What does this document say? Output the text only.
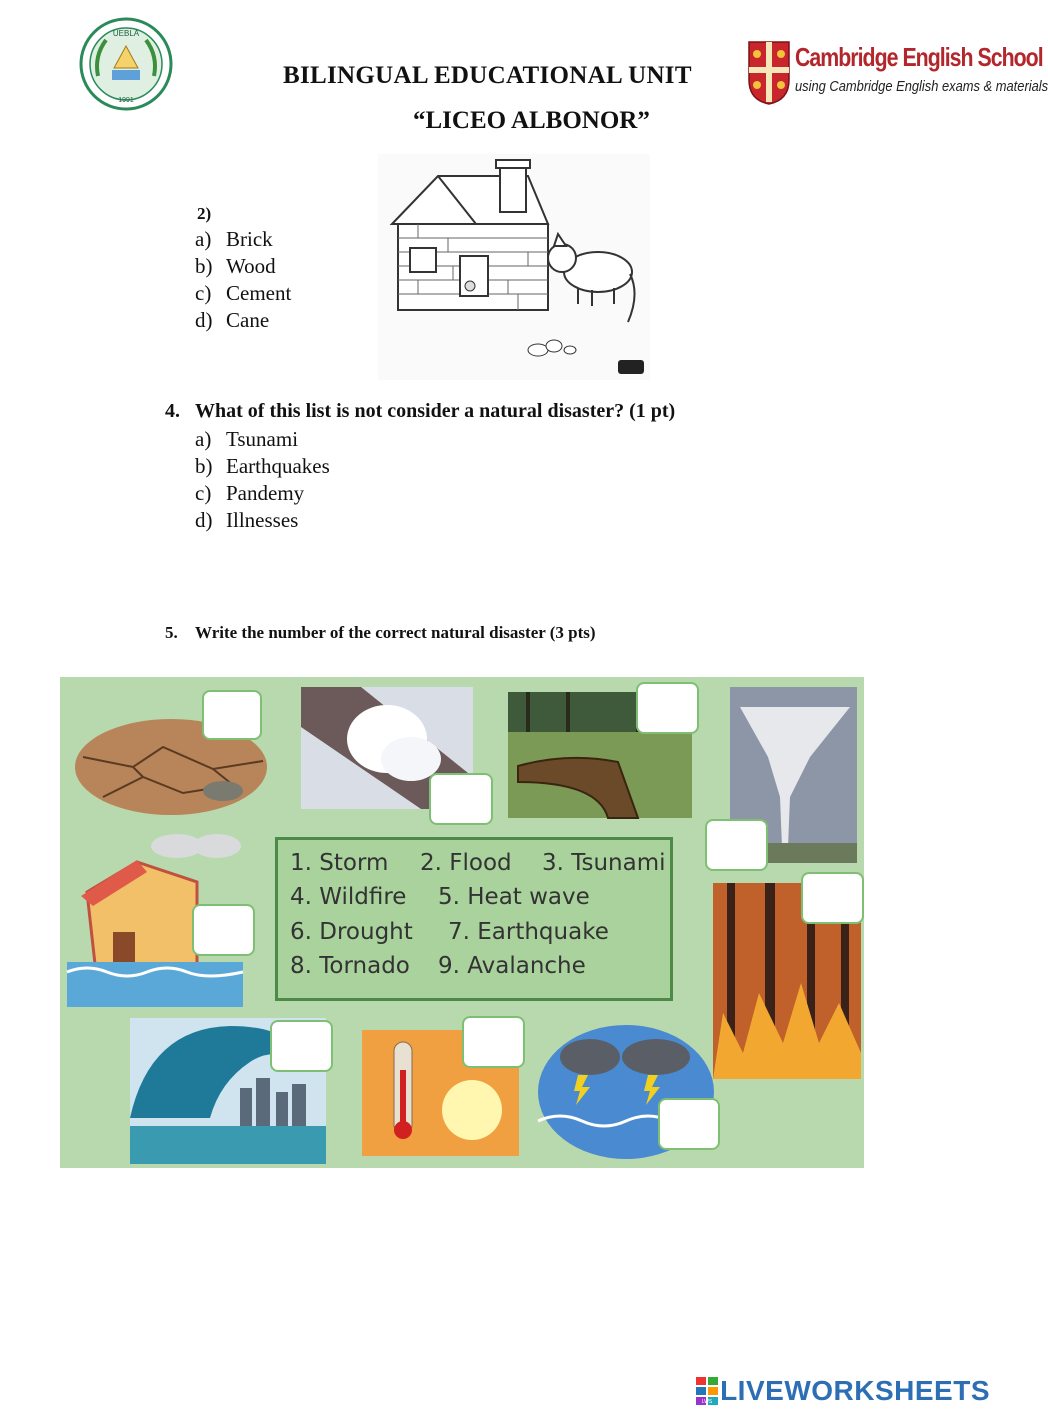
UEBLA
1991
BILINGUAL EDUCATIONAL UNIT
“LICEO ALBONOR”
Cambridge English School
using Cambridge English exams & materials
2)
a) Brick
b) Wood
c) Cement
d) Cane
4. What of this list is not consider a natural disaster? (1 pt)
a) Tsunami
b) Earthquakes
c) Pandemy
d) Illnesses
5. Write the number of the correct natural disaster (3 pts)
1. Storm 2. Flood 3. Tsunami
4. Wildfire 5. Heat wave
6. Drought 7. Earthquake
8. Tornado 9. Avalanche
LWS LIVEWORKSHEETS
